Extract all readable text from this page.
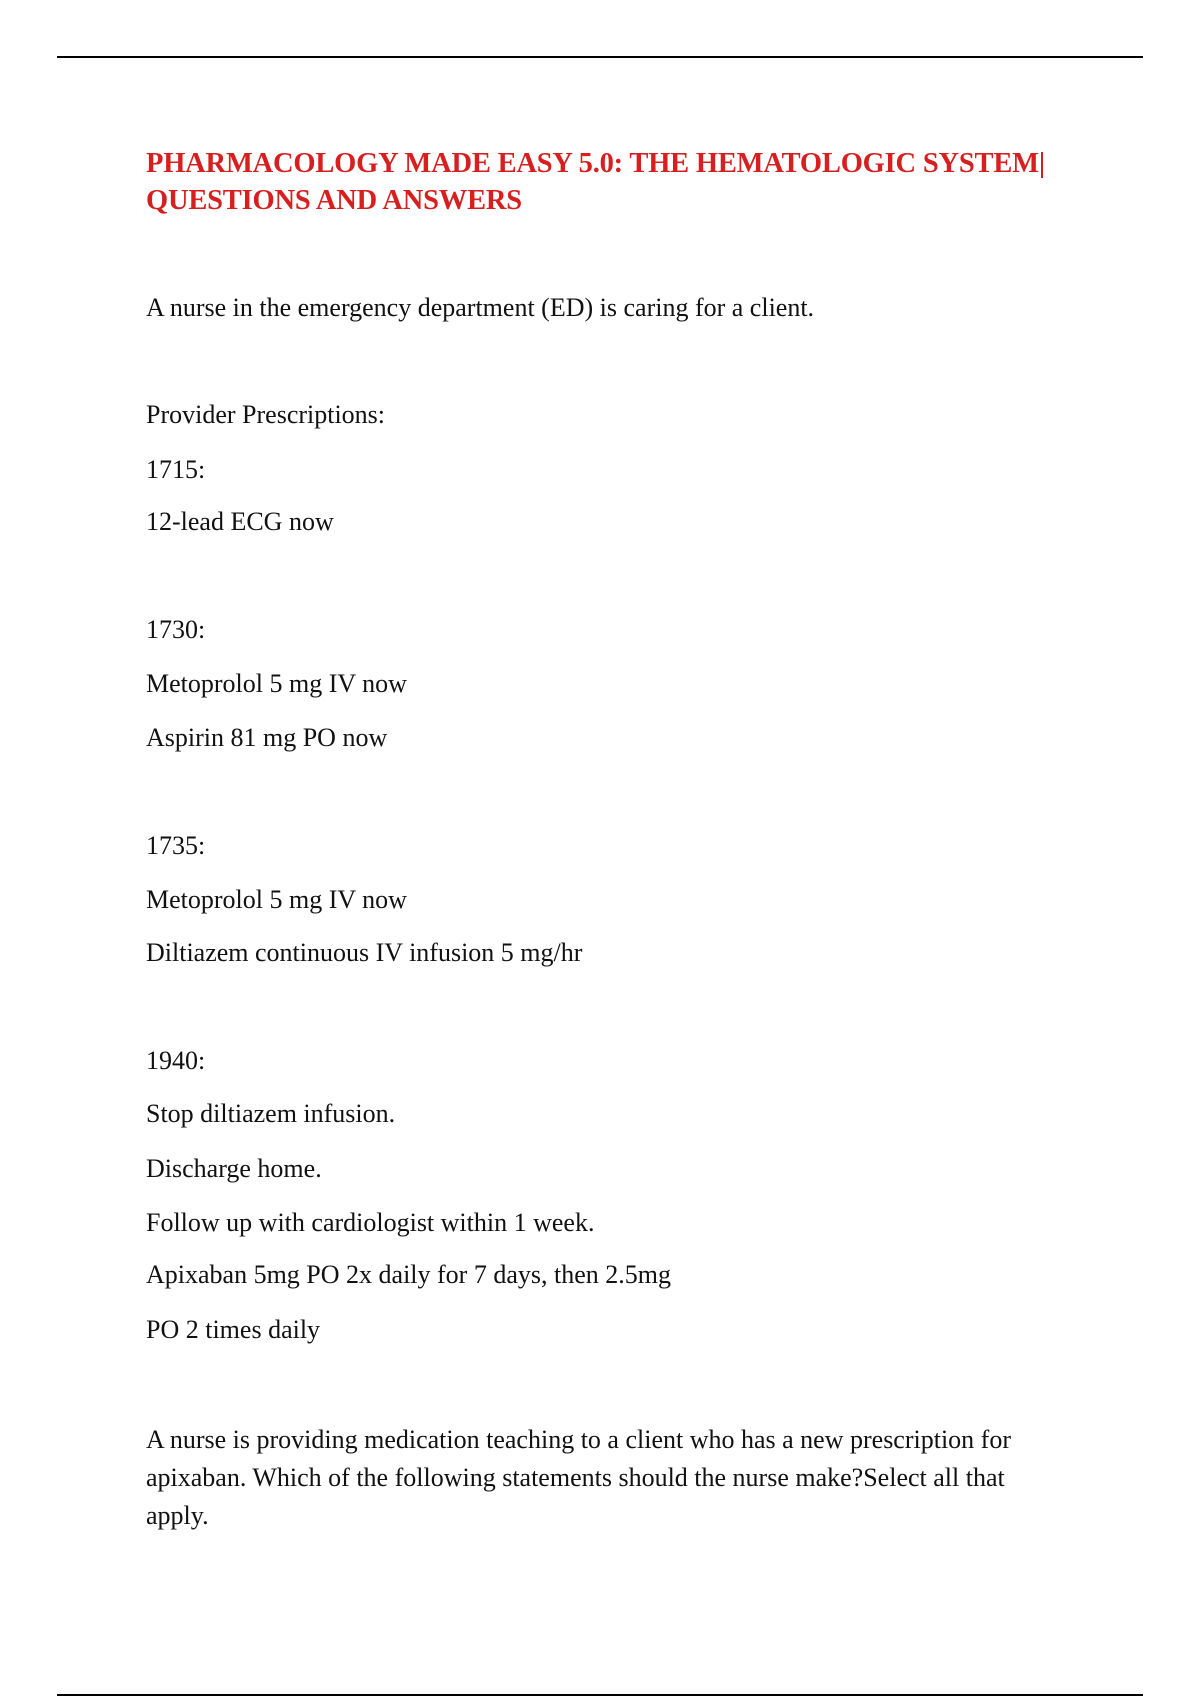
PHARMACOLOGY MADE EASY 5.0: THE HEMATOLOGIC SYSTEM| QUESTIONS AND ANSWERS

A nurse in the emergency department (ED) is caring for a client.

Provider Prescriptions:

1715:

12-lead ECG now

1730:

Metoprolol 5 mg IV now

Aspirin 81 mg PO now

1735:

Metoprolol 5 mg IV now

Diltiazem continuous IV infusion 5 mg/hr

1940:

Stop diltiazem infusion.

Discharge home.

Follow up with cardiologist within 1 week.

Apixaban 5mg PO 2x daily for 7 days, then 2.5mg

PO 2 times daily

A nurse is providing medication teaching to a client who has a new prescription for apixaban. Which of the following statements should the nurse make?Select all that apply.
